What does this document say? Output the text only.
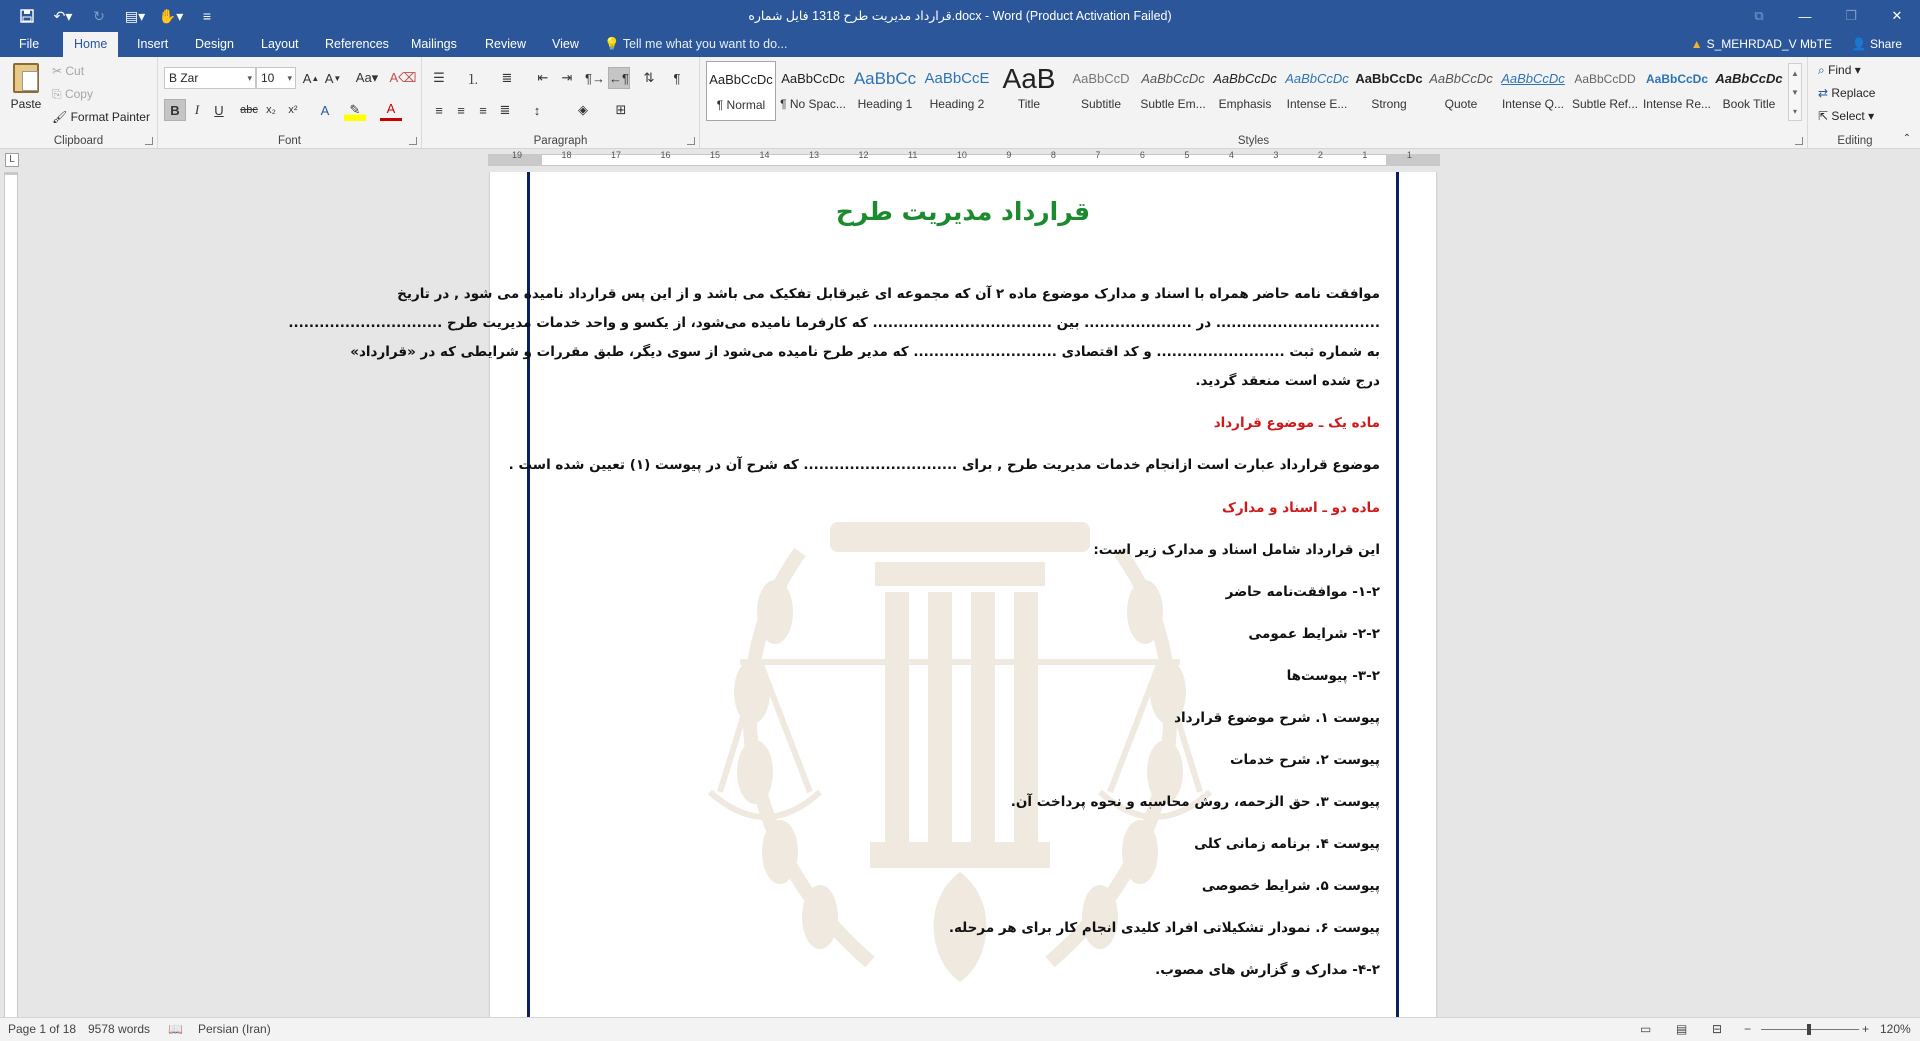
↶▾	↻	▤▾ ✋▾	≡	قرارداد مدیریت طرح 1318 فایل شماره.docx - Word (Product Activation Failed)	⧉	—	❐	✕
File	Home	Insert	Design	Layout	References	Mailings	Review	View	💡 Tell me what you want to do...	▲ S_MEHRDAD_V MbTE 👤 Share
Paste
✂ Cut
⎘ Copy
🖌 Format Painter
Clipboard
B Zar ▾	10 ▾	A ▲ A ▼ Aa▾ A⌫
B	I	U	abc x₂	x²	A	✎	A
Font
☰	⒈	≣	⇤	⇥ ¶→ ←¶	⇅	¶
≡	≡	≡ ≣	↕	◈	⊞
Paragraph
AaBbCcDc
¶ Normal
AaBbCcDc
¶ No Spac...
AaBbCc
Heading 1
AaBbCcE
Heading 2
AaB
Title
AaBbCcD
Subtitle
AaBbCcDc
Subtle Em...
AaBbCcDc
Emphasis
AaBbCcDc
Intense E...
AaBbCcDc
Strong
AaBbCcDc
Quote
AaBbCcDc
Intense Q...
AaBbCcDD
Subtle Ref...
AaBbCcDc
Intense Re...
AaBbCcDc
Book Title
▲
▼
▾
Styles
⌕ Find ▾
⇄ Replace
⇱ Select ▾
Editing	⌃
L	19	18	17	16	15	14	13	12	11	10	9	8	7	6	5	4	3	2	1	1
قرارداد مدیریت طرح
موافقت نامه حاضر همراه با اسناد و مدارک موضوع ماده ۲ آن که مجموعه ای غیرقابل تفکیک می باشد و از این پس قرارداد نامیده می شود , در تاریخ
................................ در ..................... بین ................................... که کارفرما نامیده می‌شود، از یکسو و واحد خدمات مدیریت طرح ..............................
به شماره ثبت ......................... و کد اقتصادی ............................ که مدیر طرح نامیده می‌شود از سوی دیگر، طبق مقررات و شرایطی که در «قرارداد»
درج شده است منعقد گردید.
ماده یک ـ موضوع قرارداد
موضوع قرارداد عبارت است ازانجام خدمات مدیریت طرح , برای .............................. که شرح آن در پیوست (۱) تعیین شده است .
ماده دو ـ اسناد و مدارک
این قرارداد شامل اسناد و مدارک زیر است:
۱-۲- موافقت‌نامه حاضر
۲-۲- شرایط عمومی
۳-۲- پیوست‌ها
پیوست ۱. شرح موضوع قرارداد
پیوست ۲. شرح خدمات
پیوست ۳. حق الزحمه، روش محاسبه و نحوه پرداخت آن.
پیوست ۴. برنامه زمانی کلی
پیوست ۵. شرایط خصوصی
پیوست ۶. نمودار تشکیلاتی افراد کلیدی انجام کار برای هر مرحله.
۴-۲- مدارک و گزارش های مصوب.
Page 1 of 18 9578 words 📖 Persian (Iran)	▭ ▤ ⊟ −	+ 120%
